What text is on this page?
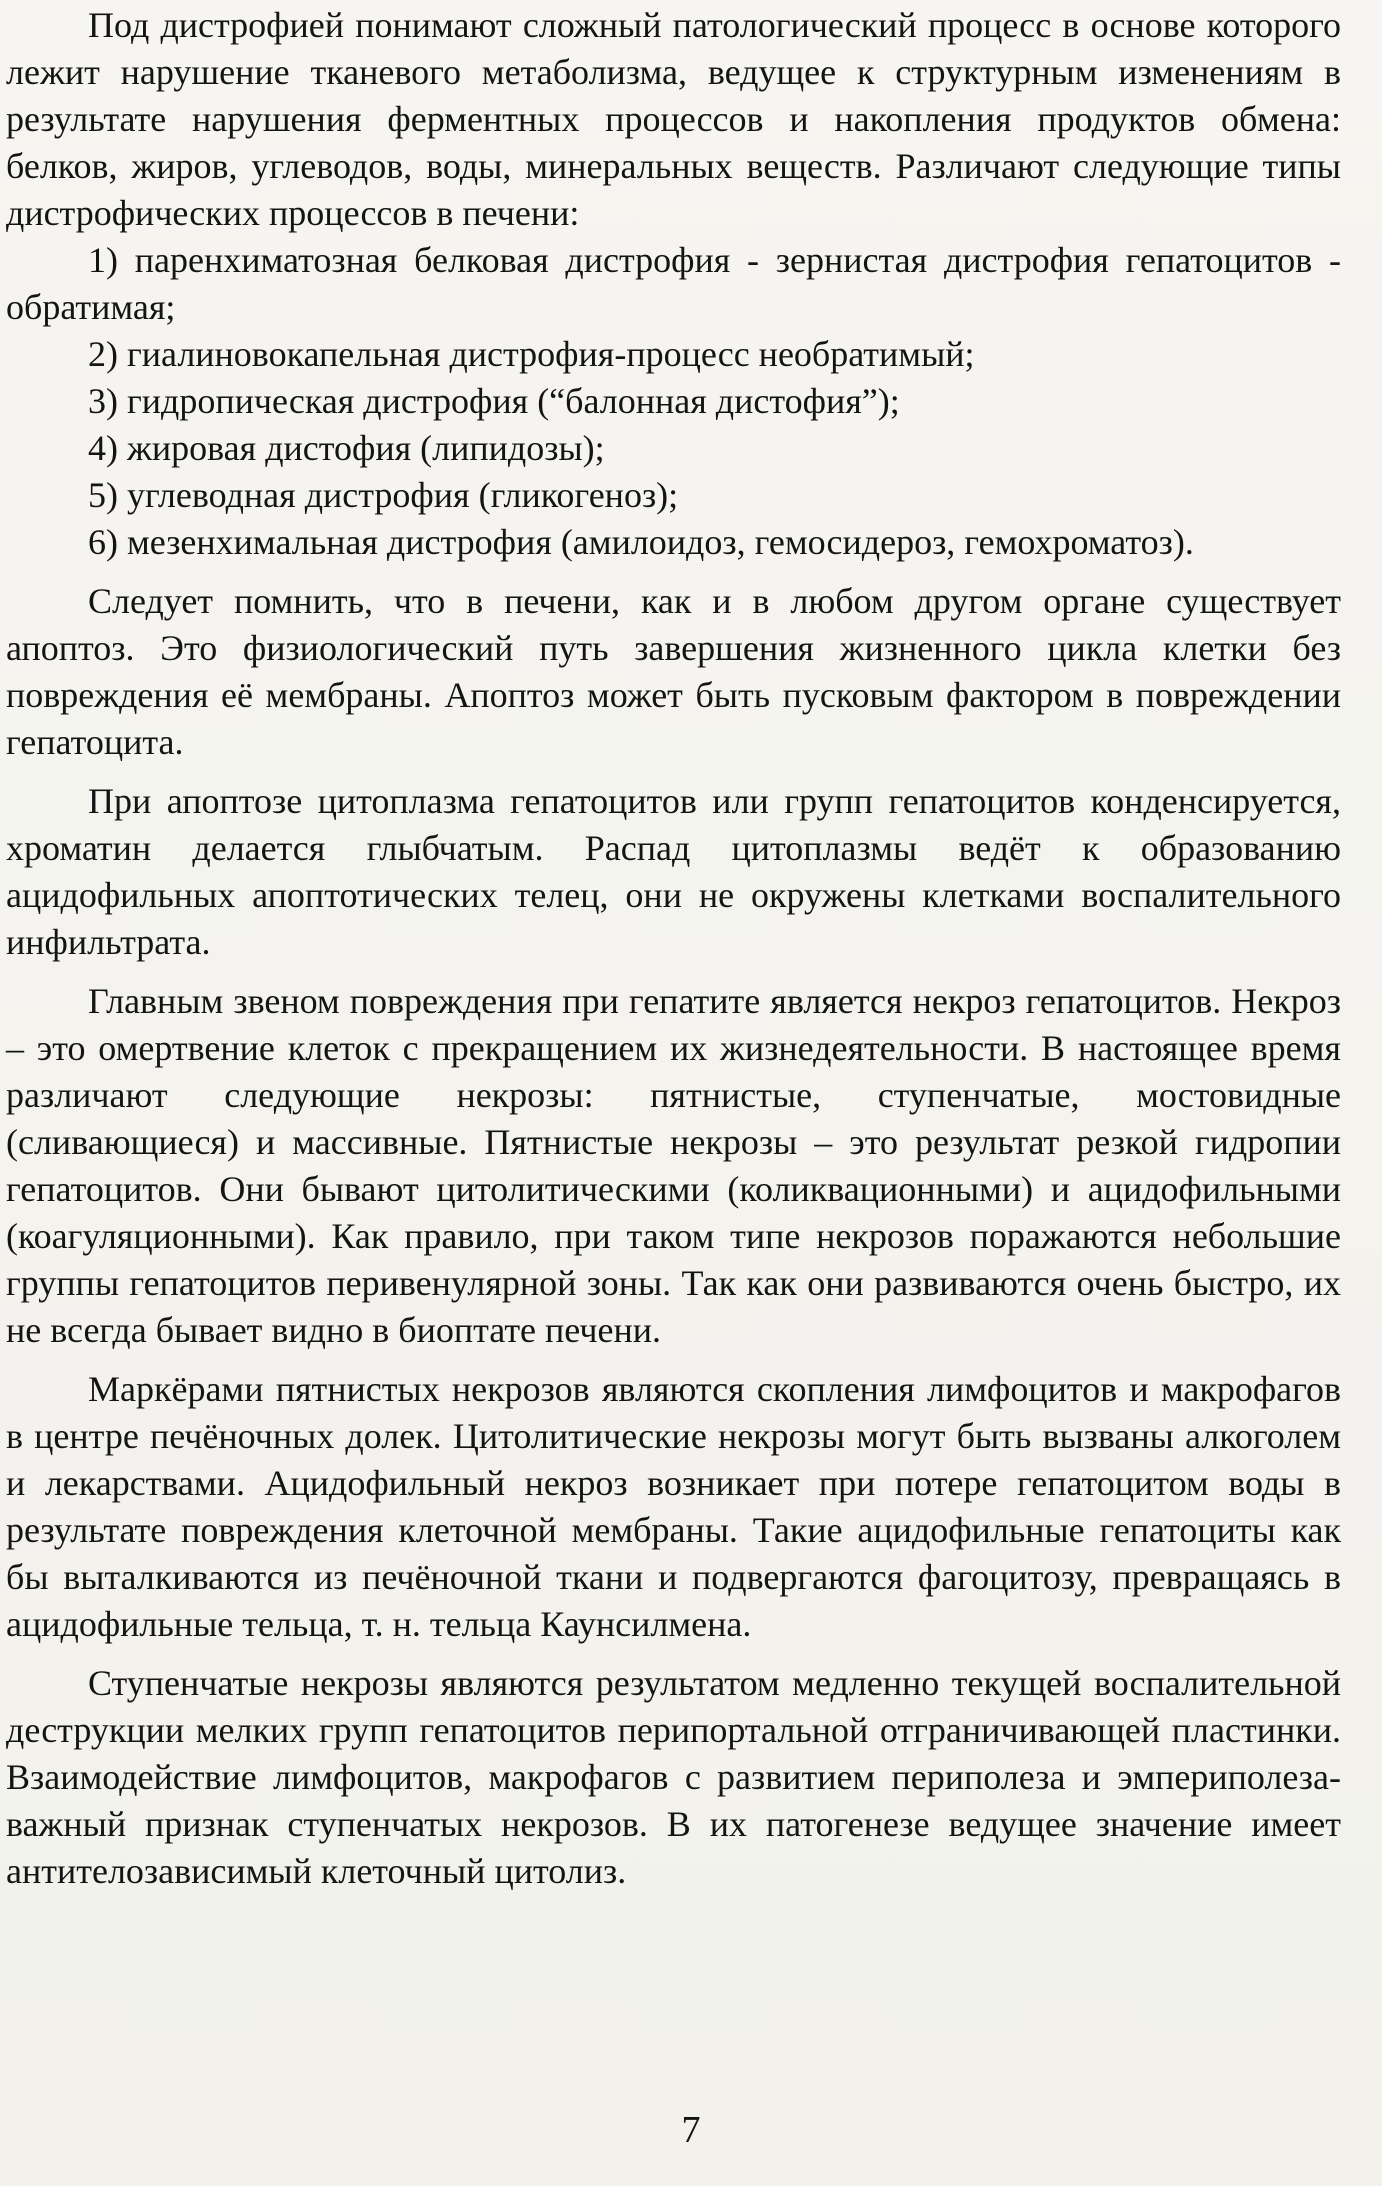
Под дистрофией понимают сложный патологический процесс в основе которого лежит нарушение тканевого метаболизма, ведущее к структурным изменениям в результате нарушения ферментных процессов и накопления продуктов обмена: белков, жиров, углеводов, воды, минеральных веществ. Различают следующие типы дистрофических процессов в печени:

1) паренхиматозная белковая дистрофия - зернистая дистрофия гепатоцитов - обратимая;

2) гиалиновокапельная дистрофия-процесс необратимый;

3) гидропическая дистрофия (“балонная дистофия”);

4) жировая дистофия (липидозы);

5) углеводная дистрофия (гликогеноз);

6) мезенхимальная дистрофия (амилоидоз, гемосидероз, гемохроматоз).

Следует помнить, что в печени, как и в любом другом органе существует апоптоз. Это физиологический путь завершения жизненного цикла клетки без повреждения её мембраны. Апоптоз может быть пусковым фактором в повреждении гепатоцита.

При апоптозе цитоплазма гепатоцитов или групп гепатоцитов конденсируется, хроматин делается глыбчатым. Распад цитоплазмы ведёт к образованию ацидофильных апоптотических телец, они не окружены клетками воспалительного инфильтрата.

Главным звеном повреждения при гепатите является некроз гепатоцитов. Некроз – это омертвение клеток с прекращением их жизнедеятельности. В настоящее время различают следующие некрозы: пятнистые, ступенчатые, мостовидные (сливающиеся) и массивные. Пятнистые некрозы – это результат резкой гидропии гепатоцитов. Они бывают цитолитическими (коликвационными) и ацидофильными (коагуляционными). Как правило, при таком типе некрозов поражаются небольшие группы гепатоцитов перивенулярной зоны. Так как они развиваются очень быстро, их не всегда бывает видно в биоптате печени.

Маркёрами пятнистых некрозов являются скопления лимфоцитов и макрофагов в центре печёночных долек. Цитолитические некрозы могут быть вызваны алкоголем и лекарствами. Ацидофильный некроз возникает при потере гепатоцитом воды в результате повреждения клеточной мембраны. Такие ацидофильные гепатоциты как бы выталкиваются из печёночной ткани и подвергаются фагоцитозу, превращаясь в ацидофильные тельца, т. н. тельца Каунсилмена.

Ступенчатые некрозы являются результатом медленно текущей воспалительной деструкции мелких групп гепатоцитов перипортальной отграничивающей пластинки. Взаимодействие лимфоцитов, макрофагов с развитием периполеза и эмпериполеза- важный признак ступенчатых некрозов. В их патогенезе ведущее значение имеет антителозависимый клеточный цитолиз.

7
